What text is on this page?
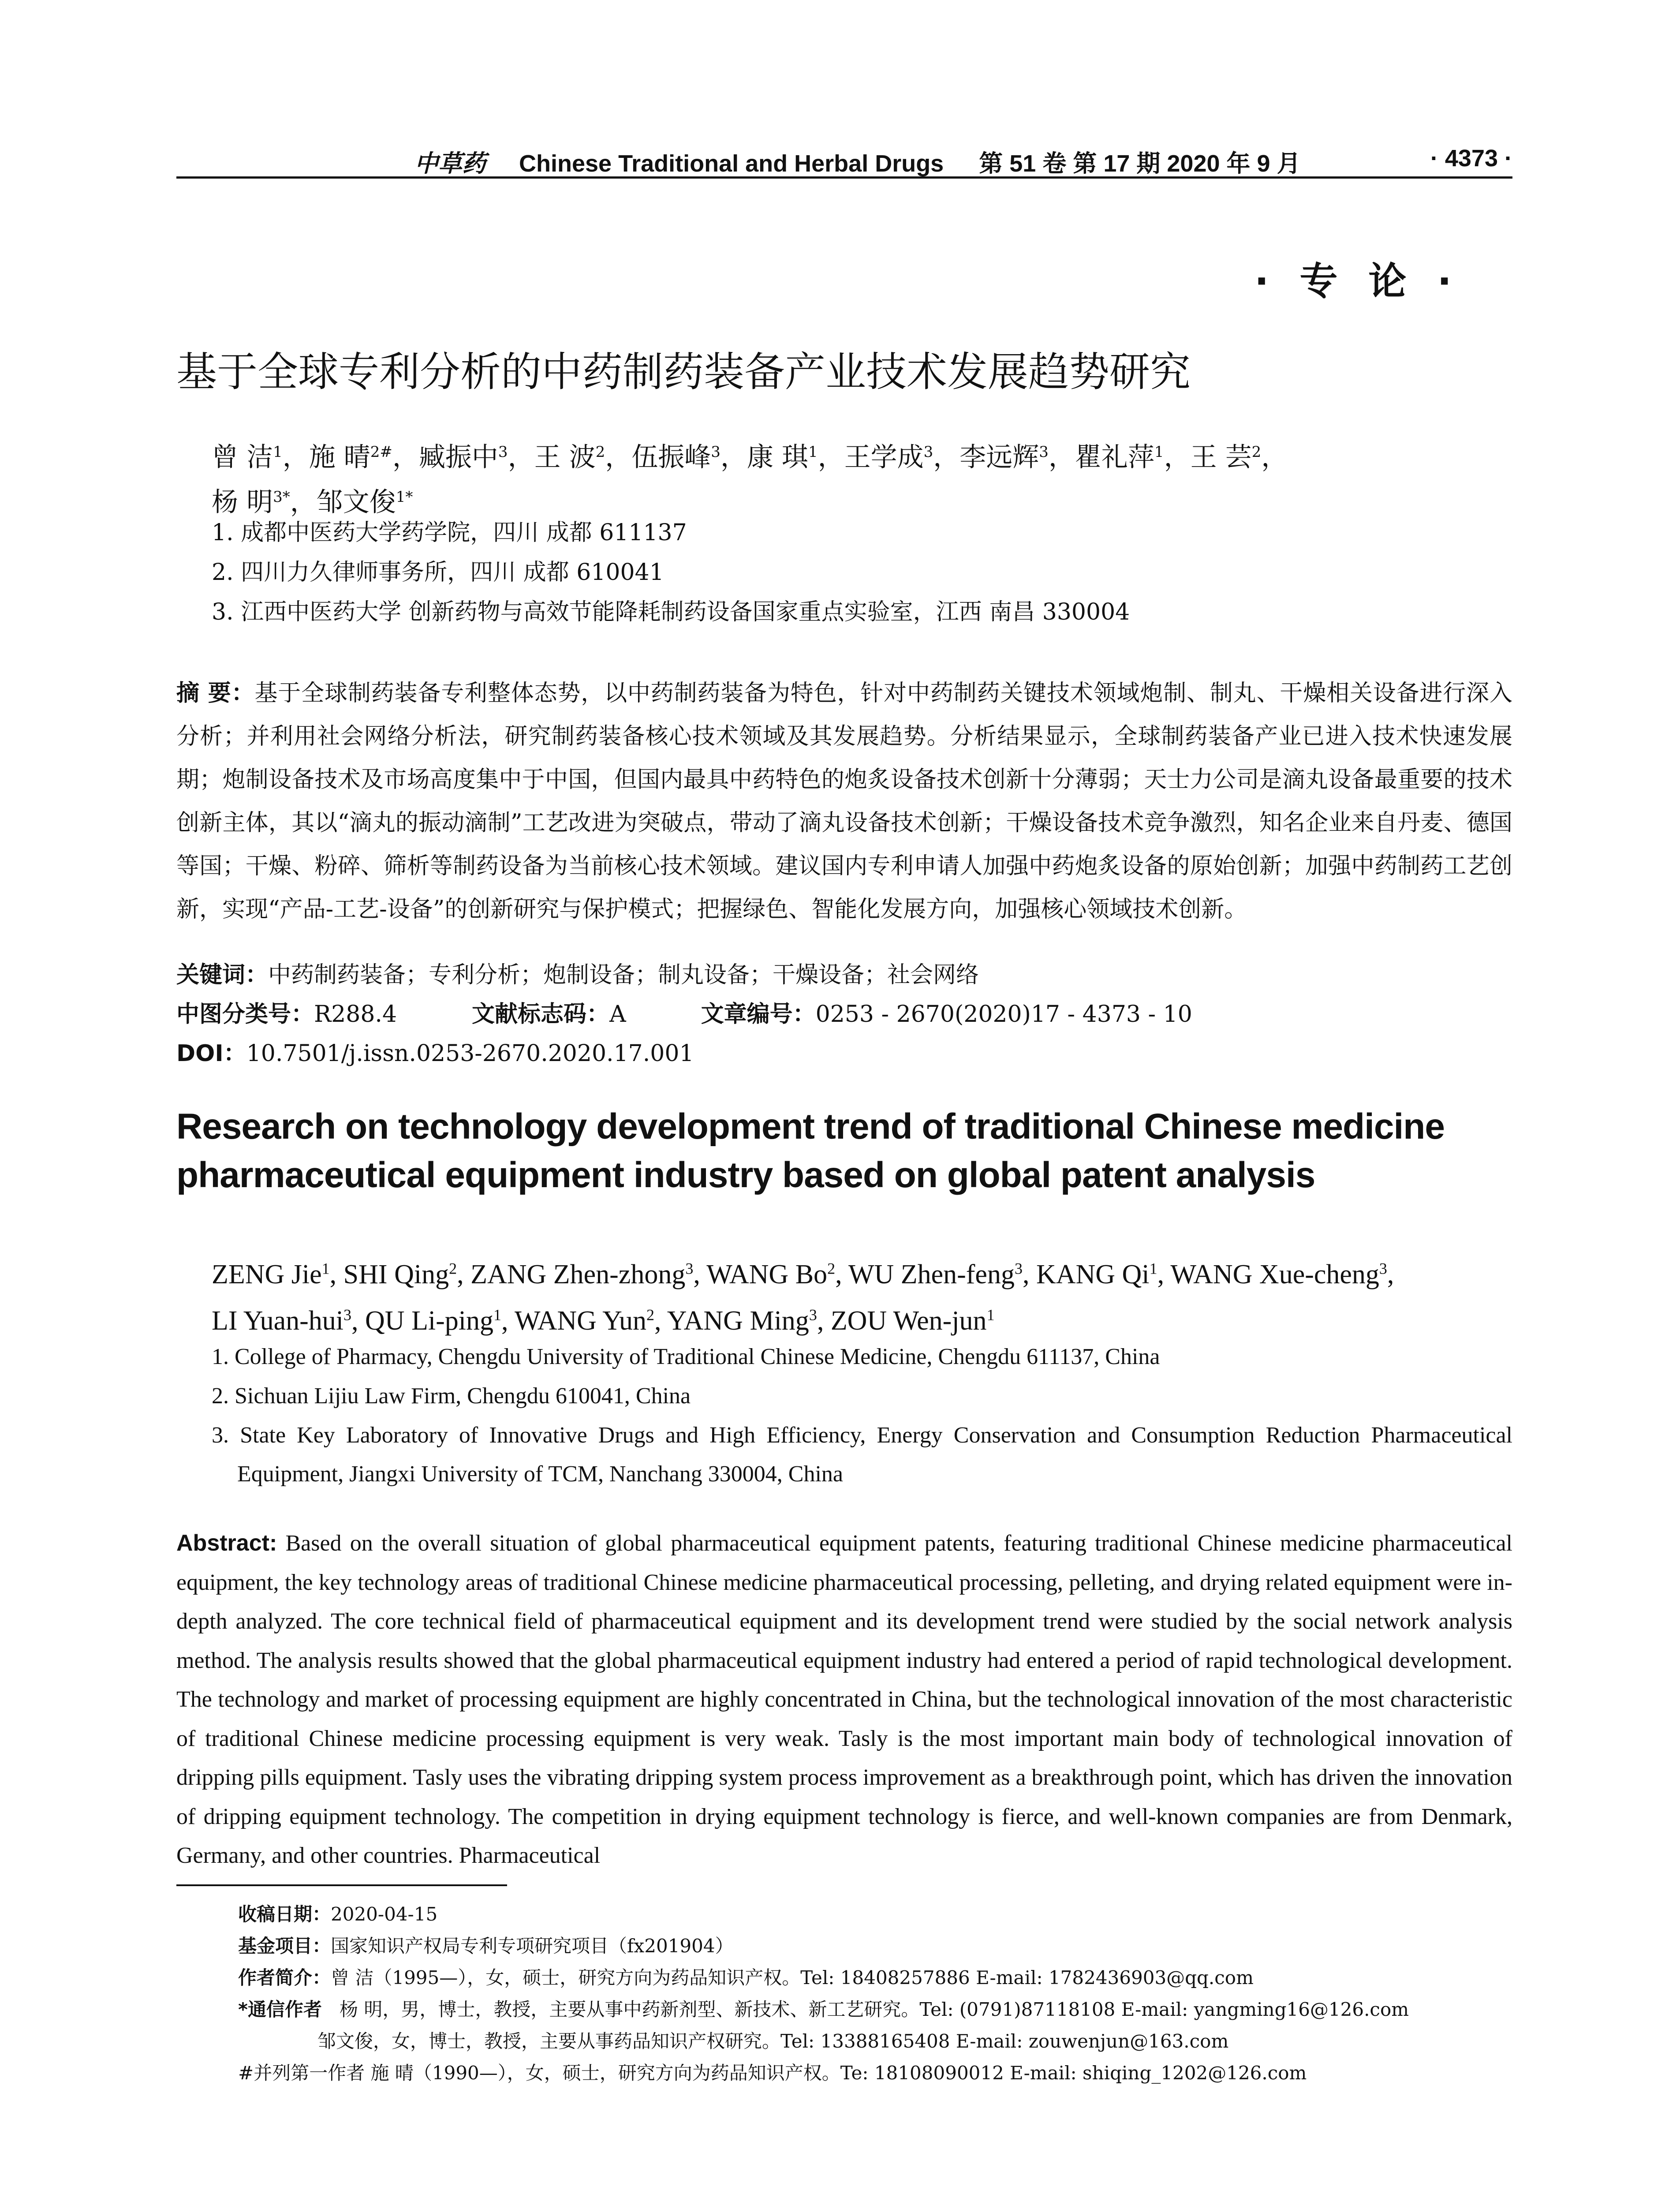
中草药 Chinese Traditional and Herbal Drugs 第 51 卷 第 17 期 2020 年 9 月	· 4373 ·
· 专 论 ·
基于全球专利分析的中药制药装备产业技术发展趋势研究
曾 洁$^1$，施 晴$^{2\#}$，臧振中$^3$，王 波$^2$，伍振峰$^3$，康 琪$^1$，王学成$^3$，李远辉$^3$，瞿礼萍$^1$，王 芸$^2$，
杨 明$^{3*}$，邹文俊$^{1*}$
1. 成都中医药大学药学院，四川 成都 611137
2. 四川力久律师事务所，四川 成都 610041
3. 江西中医药大学 创新药物与高效节能降耗制药设备国家重点实验室，江西 南昌 330004
摘 要：基于全球制药装备专利整体态势，以中药制药装备为特色，针对中药制药关键技术领域炮制、制丸、干燥相关设备进行深入分析；并利用社会网络分析法，研究制药装备核心技术领域及其发展趋势。分析结果显示，全球制药装备产业已进入技术快速发展期；炮制设备技术及市场高度集中于中国，但国内最具中药特色的炮炙设备技术创新十分薄弱；天士力公司是滴丸设备最重要的技术创新主体，其以“滴丸的振动滴制”工艺改进为突破点，带动了滴丸设备技术创新；干燥设备技术竞争激烈，知名企业来自丹麦、德国等国；干燥、粉碎、筛析等制药设备为当前核心技术领域。建议国内专利申请人加强中药炮炙设备的原始创新；加强中药制药工艺创新，实现“产品-工艺-设备”的创新研究与保护模式；把握绿色、智能化发展方向，加强核心领域技术创新。
关键词：中药制药装备；专利分析；炮制设备；制丸设备；干燥设备；社会网络
中图分类号：R288.4	文献标志码：A	文章编号：0253 - 2670(2020)17 - 4373 - 10
DOI：10.7501/j.issn.0253-2670.2020.17.001
Research on technology development trend of traditional Chinese medicine pharmaceutical equipment industry based on global patent analysis
ZENG Jie$^1$, SHI Qing$^2$, ZANG Zhen-zhong$^3$, WANG Bo$^2$, WU Zhen-feng$^3$, KANG Qi$^1$, WANG Xue-cheng$^3$,
LI Yuan-hui$^3$, QU Li-ping$^1$, WANG Yun$^2$, YANG Ming$^3$, ZOU Wen-jun$^1$
1. College of Pharmacy, Chengdu University of Traditional Chinese Medicine, Chengdu 611137, China
2. Sichuan Lijiu Law Firm, Chengdu 610041, China
3. State Key Laboratory of Innovative Drugs and High Efficiency, Energy Conservation and Consumption Reduction Pharmaceutical Equipment, Jiangxi University of TCM, Nanchang 330004, China
Abstract: Based on the overall situation of global pharmaceutical equipment patents, featuring traditional Chinese medicine pharmaceutical equipment, the key technology areas of traditional Chinese medicine pharmaceutical processing, pelleting, and drying related equipment were in-depth analyzed. The core technical field of pharmaceutical equipment and its development trend were studied by the social network analysis method. The analysis results showed that the global pharmaceutical equipment industry had entered a period of rapid technological development. The technology and market of processing equipment are highly concentrated in China, but the technological innovation of the most characteristic of traditional Chinese medicine processing equipment is very weak. Tasly is the most important main body of technological innovation of dripping pills equipment. Tasly uses the vibrating dripping system process improvement as a breakthrough point, which has driven the innovation of dripping equipment technology. The competition in drying equipment technology is fierce, and well-known companies are from Denmark, Germany, and other countries. Pharmaceutical
收稿日期：2020-04-15
基金项目：国家知识产权局专利专项研究项目（fx201904）
作者简介：曾 洁（1995—），女，硕士，研究方向为药品知识产权。Tel: 18408257886 E-mail: 1782436903@qq.com
*通信作者 杨 明，男，博士，教授，主要从事中药新剂型、新技术、新工艺研究。Tel: (0791)87118108 E-mail: yangming16@126.com
邹文俊，女，博士，教授，主要从事药品知识产权研究。Tel: 13388165408 E-mail: zouwenjun@163.com
#并列第一作者 施 晴（1990—），女，硕士，研究方向为药品知识产权。Te: 18108090012 E-mail: shiqing_1202@126.com
